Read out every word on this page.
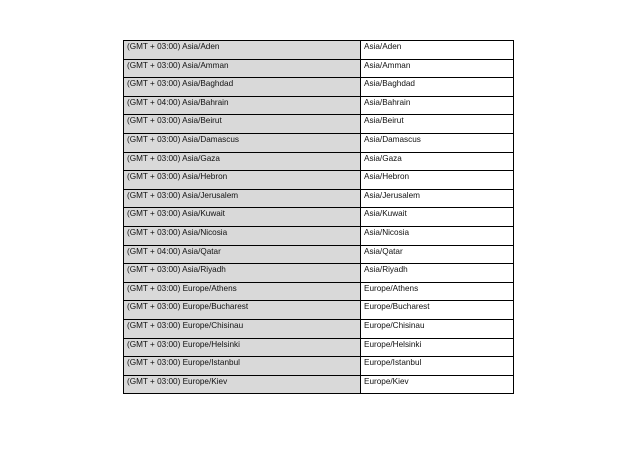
(GMT + 03:00) Asia/Aden	Asia/Aden
(GMT + 03:00) Asia/Amman	Asia/Amman
(GMT + 03:00) Asia/Baghdad	Asia/Baghdad
(GMT + 04:00) Asia/Bahrain	Asia/Bahrain
(GMT + 03:00) Asia/Beirut	Asia/Beirut
(GMT + 03:00) Asia/Damascus	Asia/Damascus
(GMT + 03:00) Asia/Gaza	Asia/Gaza
(GMT + 03:00) Asia/Hebron	Asia/Hebron
(GMT + 03:00) Asia/Jerusalem	Asia/Jerusalem
(GMT + 03:00) Asia/Kuwait	Asia/Kuwait
(GMT + 03:00) Asia/Nicosia	Asia/Nicosia
(GMT + 04:00) Asia/Qatar	Asia/Qatar
(GMT + 03:00) Asia/Riyadh	Asia/Riyadh
(GMT + 03:00) Europe/Athens	Europe/Athens
(GMT + 03:00) Europe/Bucharest	Europe/Bucharest
(GMT + 03:00) Europe/Chisinau	Europe/Chisinau
(GMT + 03:00) Europe/Helsinki	Europe/Helsinki
(GMT + 03:00) Europe/Istanbul	Europe/Istanbul
(GMT + 03:00) Europe/Kiev	Europe/Kiev
